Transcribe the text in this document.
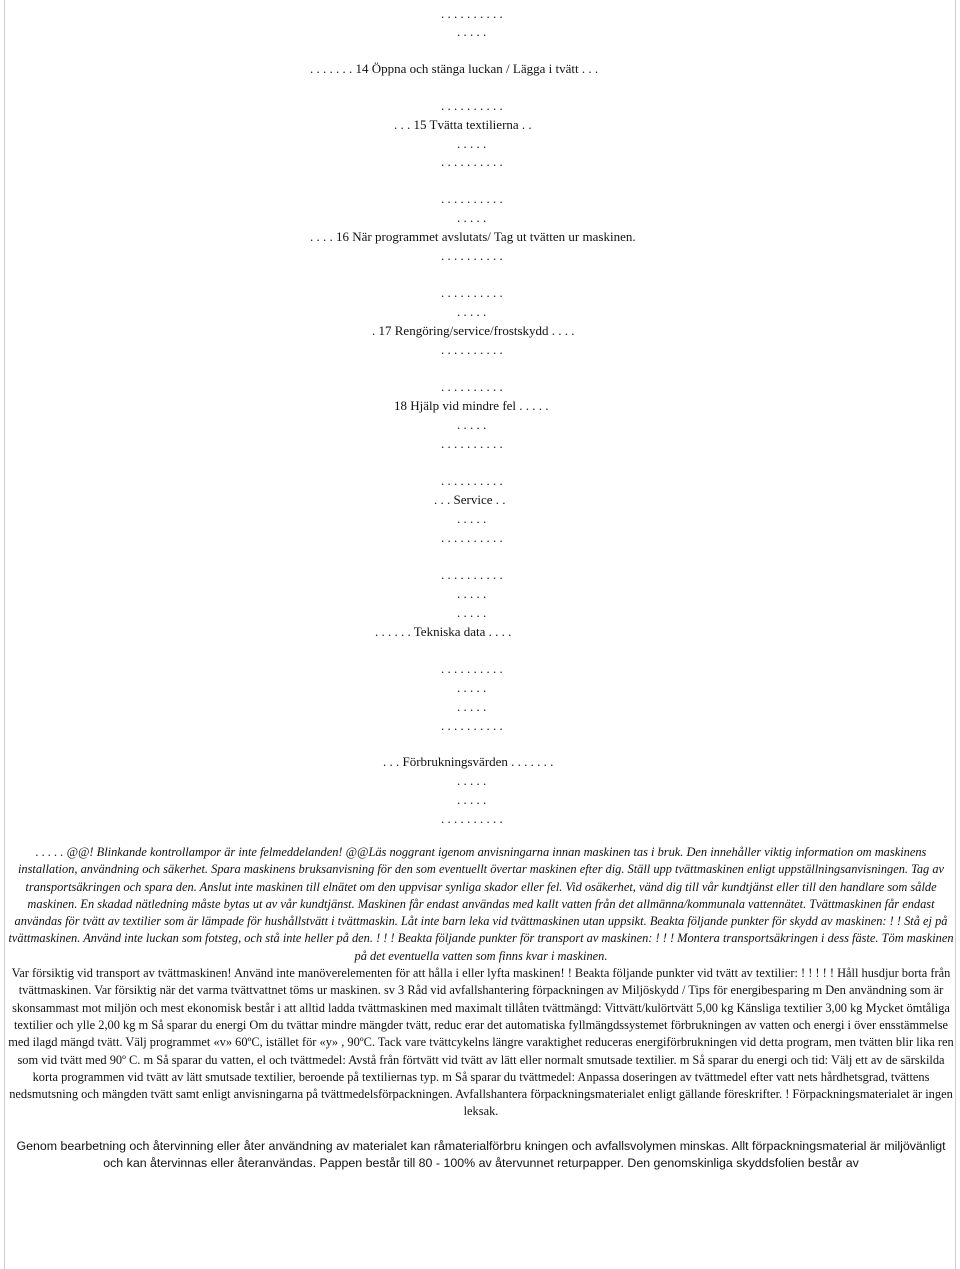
. . . . . . . . . .
. . . . .
. . . . . . . 14 Öppna och stänga luckan / Lägga i tvätt . . .
. . . . . . . . . .
. . . 15 Tvätta textilierna . .
. . . . .
. . . . . . . . . .
. . . . . . . . . .
. . . . .
. . . . 16 När programmet avslutats/ Tag ut tvätten ur maskinen.
. . . . . . . . . .
. . . . . . . . . .
. . . . .
. 17 Rengöring/service/frostskydd . . . .
. . . . . . . . . .
. . . . . . . . . .
18 Hjälp vid mindre fel . . . . .
. . . . .
. . . . . . . . . .
. . . . . . . . . .
. . . Service . .
. . . . .
. . . . . . . . . .
. . . . . . . . . .
. . . . .
. . . . .
. . . . . . Tekniska data . . . .
. . . . . . . . . .
. . . . .
. . . . .
. . . . . . . . . .
. . . Förbrukningsvärden . . . . . . .
. . . . .
. . . . .
. . . . . . . . . .

. . . . . @@! Blinkande kontrollampor är inte felmeddelanden! @@Läs noggrant igenom anvisningarna innan maskinen tas i bruk. Den innehåller viktig information om maskinens installation, användning och säkerhet. Spara maskinens bruksanvisning för den som eventuellt övertar maskinen efter dig. Ställ upp tvättmaskinen enligt uppställningsanvisningen. Tag av transportsäkringen och spara den. Anslut inte maskinen till elnätet om den uppvisar synliga skador eller fel. Vid osäkerhet, vänd dig till vår kundtjänst eller till den handlare som sålde maskinen. En skadad nätledning måste bytas ut av vår kundtjänst. Maskinen får endast användas med kallt vatten från det allmänna/kommunala vattennätet. Tvättmaskinen får endast användas för tvätt av textilier som är lämpade för hushållstvätt i tvättmaskin. Låt inte barn leka vid tvättmaskinen utan uppsikt. Beakta följande punkter för skydd av maskinen: ! ! Stå ej på tvättmaskinen. Använd inte luckan som fotsteg, och stå inte heller på den. ! ! ! Beakta följande punkter för transport av maskinen: ! ! ! Montera transportsäkringen i dess fäste. Töm maskinen på det eventuella vatten som finns kvar i maskinen.

Var försiktig vid transport av tvättmaskinen! Använd inte manöverelementen för att hålla i eller lyfta maskinen! ! Beakta följande punkter vid tvätt av textilier: ! ! ! ! ! Håll husdjur borta från tvättmaskinen. Var försiktig när det varma tvättvattnet töms ur maskinen. sv 3 Råd vid avfallshantering förpackningen av Miljöskydd / Tips för energibesparing m Den användning som är skonsammast mot miljön och mest ekonomisk består i att alltid ladda tvättmaskinen med maximalt tillåten tvättmängd: Vittvätt/kulörtvätt 5,00 kg Känsliga textilier 3,00 kg Mycket ömtåliga textilier och ylle 2,00 kg m Så sparar du energi Om du tvättar mindre mängder tvätt, reduc erar det automatiska fyllmängdssystemet förbrukningen av vatten och energi i över ensstämmelse med ilagd mängd tvätt. Välj programmet «v» 60ºC, istället för «y» , 90ºC. Tack vare tvättcykelns längre varaktighet reduceras energiförbrukningen vid detta program, men tvätten blir lika ren som vid tvätt med 90º C. m Så sparar du vatten, el och tvättmedel: Avstå från förtvätt vid tvätt av lätt eller normalt smutsade textilier. m Så sparar du energi och tid: Välj ett av de särskilda korta programmen vid tvätt av lätt smutsade textilier, beroende på textiliernas typ. m Så sparar du tvättmedel: Anpassa doseringen av tvättmedel efter vatt nets hårdhetsgrad, tvättens nedsmutsning och mängden tvätt samt enligt anvisningarna på tvättmedelsförpackningen. Avfallshantera förpackningsmaterialet enligt gällande föreskrifter. ! Förpackningsmaterialet är ingen leksak.

Genom bearbetning och återvinning eller åter användning av materialet kan råmaterialförbru kningen och avfallsvolymen minskas. Allt förpackningsmaterial är miljövänligt och kan återvinnas eller återanvändas. Pappen består till 80 - 100% av återvunnet returpapper. Den genomskinliga skyddsfolien består av
